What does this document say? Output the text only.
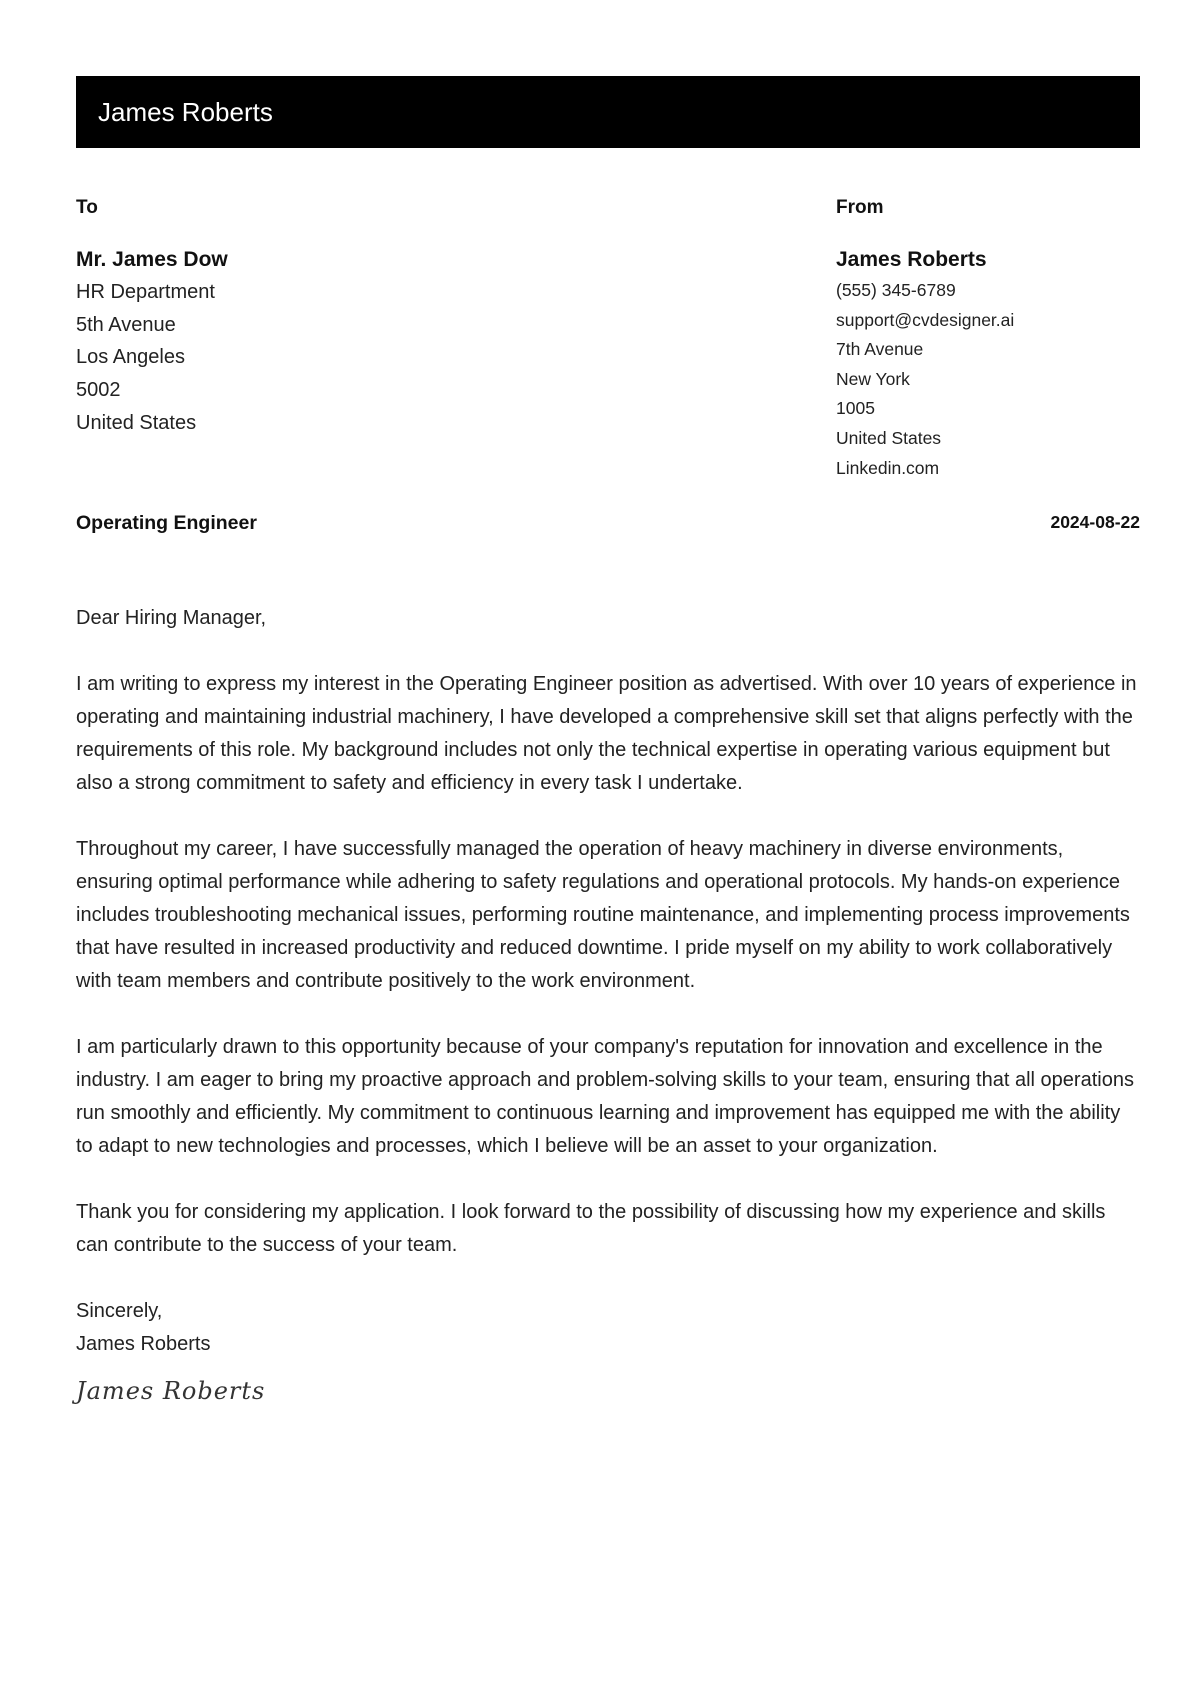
James Roberts
To
Mr. James Dow
HR Department
5th Avenue
Los Angeles
5002
United States
From
James Roberts
(555) 345-6789
support@cvdesigner.ai
7th Avenue
New York
1005
United States
Linkedin.com
Operating Engineer	2024-08-22

Dear Hiring Manager,

I am writing to express my interest in the Operating Engineer position as advertised. With over 10 years of experience in operating and maintaining industrial machinery, I have developed a comprehensive skill set that aligns perfectly with the requirements of this role. My background includes not only the technical expertise in operating various equipment but also a strong commitment to safety and efficiency in every task I undertake.

Throughout my career, I have successfully managed the operation of heavy machinery in diverse environments, ensuring optimal performance while adhering to safety regulations and operational protocols. My hands-on experience includes troubleshooting mechanical issues, performing routine maintenance, and implementing process improvements that have resulted in increased productivity and reduced downtime. I pride myself on my ability to work collaboratively with team members and contribute positively to the work environment.

I am particularly drawn to this opportunity because of your company's reputation for innovation and excellence in the industry. I am eager to bring my proactive approach and problem-solving skills to your team, ensuring that all operations run smoothly and efficiently. My commitment to continuous learning and improvement has equipped me with the ability to adapt to new technologies and processes, which I believe will be an asset to your organization.

Thank you for considering my application. I look forward to the possibility of discussing how my experience and skills can contribute to the success of your team.

Sincerely,
James Roberts
James Roberts
